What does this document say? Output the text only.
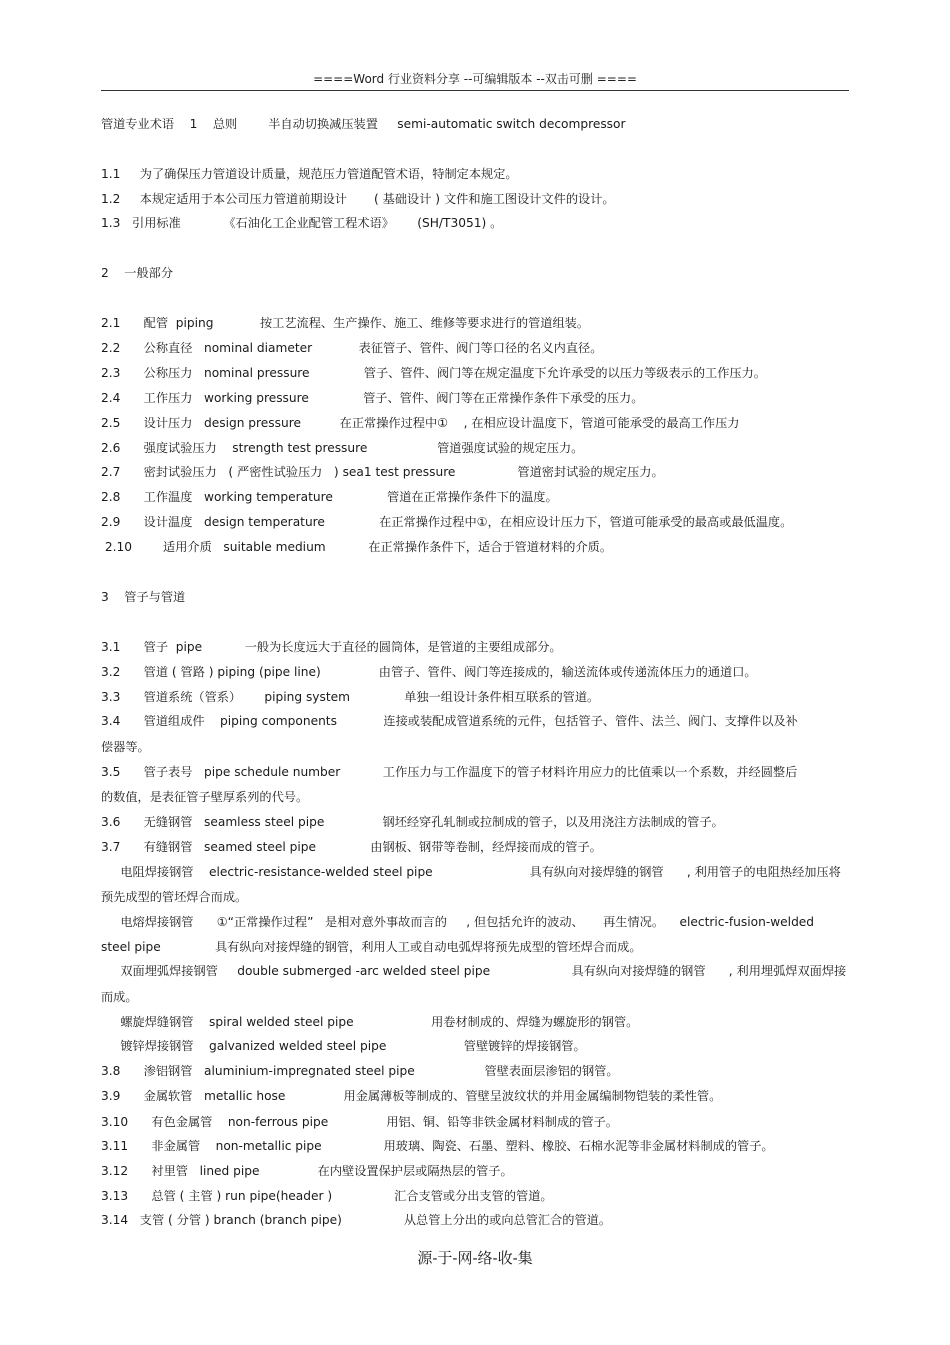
====Word 行业资料分享 --可编辑版本 --双击可删 ====
管道专业术语    1    总则        半自动切换减压装置     semi-automatic switch decompressor
1.1     为了确保压力管道设计质量，规范压力管道配管术语，特制定本规定。
1.2     本规定适用于本公司压力管道前期设计       ( 基础设计 ) 文件和施工图设计文件的设计。
1.3   引用标准           《石油化工企业配管工程术语》      (SH/T3051) 。
2    一般部分
2.1      配管  piping            按工艺流程、生产操作、施工、维修等要求进行的管道组装。
2.2      公称直径   nominal diameter            表征管子、管件、阀门等口径的名义内直径。
2.3      公称压力   nominal pressure              管子、管件、阀门等在规定温度下允许承受的以压力等级表示的工作压力。
2.4      工作压力   working pressure              管子、管件、阀门等在正常操作条件下承受的压力。
2.5      设计压力   design pressure          在正常操作过程中①    , 在相应设计温度下，管道可能承受的最高工作压力
2.6      强度试验压力    strength test pressure                  管道强度试验的规定压力。
2.7      密封试验压力   ( 严密性试验压力   ) sea1 test pressure                管道密封试验的规定压力。
2.8      工作温度   working temperature              管道在正常操作条件下的温度。
2.9      设计温度   design temperature              在正常操作过程中①，在相应设计压力下，管道可能承受的最高或最低温度。
2.10        适用介质   suitable medium           在正常操作条件下，适合于管道材料的介质。
3    管子与管道
3.1      管子  pipe           一般为长度远大于直径的圆筒体，是管道的主要组成部分。
3.2      管道 ( 管路 ) piping (pipe line)               由管子、管件、阀门等连接成的，输送流体或传递流体压力的通道口。
3.3      管道系统（管系）      piping system              单独一组设计条件相互联系的管道。
3.4      管道组成件    piping components            连接或装配成管道系统的元件，包括管子、管件、法兰、阀门、支撑件以及补
偿器等。
3.5      管子表号   pipe schedule number           工作压力与工作温度下的管子材料许用应力的比值乘以一个系数，并经圆整后
的数值，是表征管子壁厚系列的代号。
3.6      无缝钢管   seamless steel pipe               钢坯经穿孔轧制或拉制成的管子，以及用浇注方法制成的管子。
3.7      有缝钢管   seamed steel pipe              由钢板、钢带等卷制，经焊接而成的管子。
电阻焊接钢管    electric-resistance-welded steel pipe                         具有纵向对接焊缝的钢管      , 利用管子的电阻热经加压将
预先成型的管坯焊合而成。
电熔焊接钢管      ①“正常操作过程”   是相对意外事故而言的     , 但包括允许的波动、     再生情况。    electric-fusion-welded
steel pipe              具有纵向对接焊缝的钢管，利用人工或自动电弧焊将预先成型的管坯焊合而成。
双面埋弧焊接钢管     double submerged -arc welded steel pipe                     具有纵向对接焊缝的钢管      , 利用埋弧焊双面焊接
而成。
螺旋焊缝钢管    spiral welded steel pipe                    用卷材制成的、焊缝为螺旋形的钢管。
镀锌焊接钢管    galvanized welded steel pipe                    管壁镀锌的焊接钢管。
3.8      渗铝钢管   aluminium-impregnated steel pipe                  管壁表面层渗铝的钢管。
3.9      金属软管   metallic hose               用金属薄板等制成的、管壁呈波纹状的并用金属编制物铠装的柔性管。
3.10      有色金属管    non-ferrous pipe               用铝、铜、铅等非铁金属材料制成的管子。
3.11      非金属管    non-metallic pipe                用玻璃、陶瓷、石墨、塑料、橡胶、石棉水泥等非金属材料制成的管子。
3.12      衬里管   lined pipe               在内壁设置保护层或隔热层的管子。
3.13      总管 ( 主管 ) run pipe(header )                汇合支管或分出支管的管道。
3.14   支管 ( 分管 ) branch (branch pipe)                从总管上分出的或向总管汇合的管道。
源-于-网-络-收-集
